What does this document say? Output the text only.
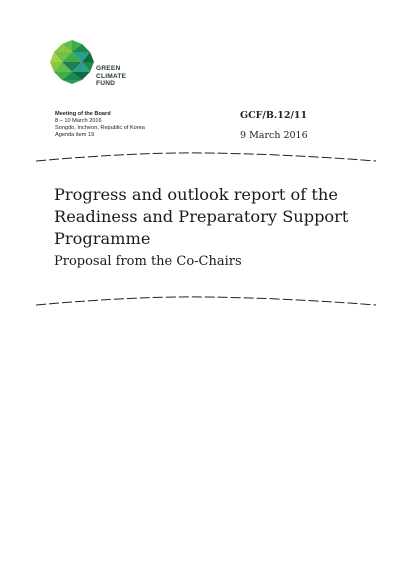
GREEN
CLIMATE
FUND
Meeting of the Board
8 – 10 March 2016
Songdo, Incheon, Republic of Korea
Agenda item 19
GCF/B.12/11
9 March 2016
Progress and outlook report of the
Readiness and Preparatory Support
Programme

Proposal from the Co-Chairs
